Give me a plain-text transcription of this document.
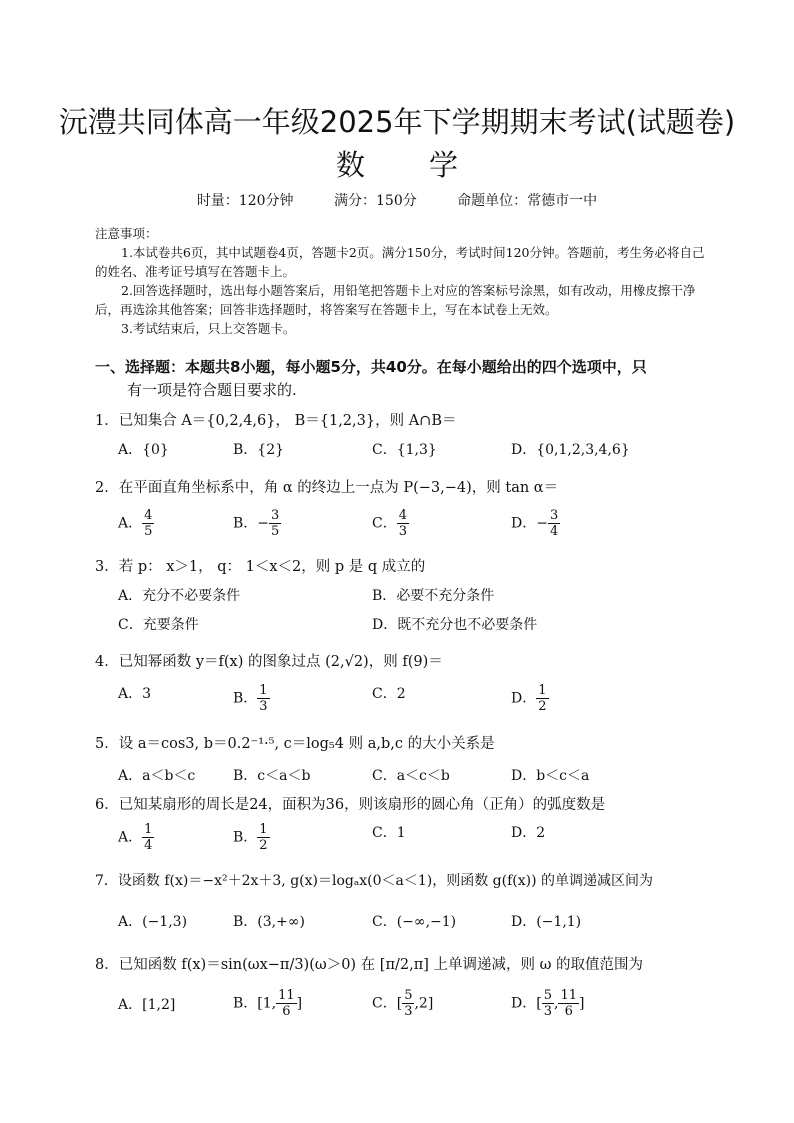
沅澧共同体高一年级2025年下学期期末考试(试题卷)
数学
时量：120分钟	满分：150分	命题单位：常德市一中
注意事项：
1.本试卷共6页，其中试题卷4页，答题卡2页。满分150分，考试时间120分钟。答题前，考生务必将自己的姓名、准考证号填写在答题卡上。
2.回答选择题时，选出每小题答案后，用铅笔把答题卡上对应的答案标号涂黑，如有改动，用橡皮擦干净后，再选涂其他答案；回答非选择题时，将答案写在答题卡上，写在本试卷上无效。
3.考试结束后，只上交答题卡。
一、选择题：本题共8小题，每小题5分，共40分。在每小题给出的四个选项中，只
有一项是符合题目要求的.
1．已知集合 A＝{0,2,4,6}， B＝{1,2,3}，则 A∩B＝
A．{0}	B．{2}	C．{1,3}	D．{0,1,2,3,4,6}
2．在平面直角坐标系中，角 α 的终边上一点为 P(−3,−4)，则 tan α＝
A． $\frac{4}{5}$	B．− $\frac{3}{5}$	C． $\frac{4}{3}$	D．− $\frac{3}{4}$
3．若 p： x＞1， q： 1＜x＜2，则 p 是 q 成立的
A．充分不必要条件	B．必要不充分条件
C．充要条件	D．既不充分也不必要条件
4．已知幂函数 y＝f(x) 的图象过点 (2,√2)，则 f(9)＝
A．3	B． $\frac{1}{3}$	C．2	D． $\frac{1}{2}$
5．设 a＝cos3, b＝0.2⁻¹·⁵, c＝log₅4 则 a,b,c 的大小关系是
A．a＜b＜c	B．c＜a＜b	C．a＜c＜b	D．b＜c＜a
6．已知某扇形的周长是24，面积为36，则该扇形的圆心角（正角）的弧度数是
A． $\frac{1}{4}$	B． $\frac{1}{2}$	C．1	D．2
7．设函数 f(x)＝−x²＋2x＋3, g(x)＝logₐx(0＜a＜1)，则函数 g(f(x)) 的单调递减区间为
A．(−1,3)	B．(3,+∞)	C．(−∞,−1)	D．(−1,1)
8．已知函数 f(x)＝sin(ωx−π/3)(ω＞0) 在 [π/2,π] 上单调递减，则 ω 的取值范围为
A．[1,2]	B．[1, $\frac{11}{6}$ ]	C．[ $\frac{5}{3} ,2$]	D．[ $\frac{5}{3}$ , $\frac{11}{6}$ ]
